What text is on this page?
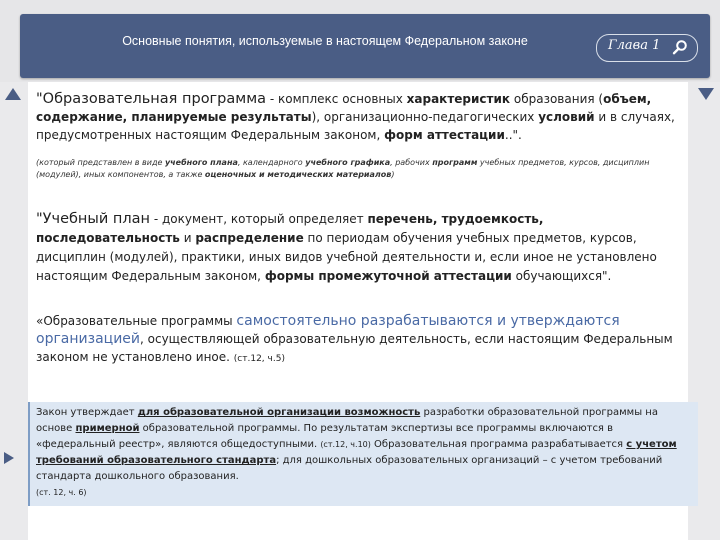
Основные понятия, используемые в настоящем Федеральном законе	Глава 1
"Образовательная программа - комплекс основных характеристик образования (объем,
содержание, планируемые результаты), организационно-педагогических условий и в случаях, предусмотренных настоящим Федеральным законом, форм аттестации..".
(который представлен в виде учебного плана, календарного учебного графика, рабочих программ учебных предметов, курсов, дисциплин (модулей), иных компонентов, а также оценочных и методических материалов)
"Учебный план - документ, который определяет перечень, трудоемкость,
последовательность и распределение по периодам обучения учебных предметов, курсов, дисциплин (модулей), практики, иных видов учебной деятельности и, если иное не установлено настоящим Федеральным законом, формы промежуточной аттестации обучающихся".
«Образовательные программы самостоятельно разрабатываются и утверждаются организацией, осуществляющей образовательную деятельность, если настоящим Федеральным законом не установлено иное. (ст.12, ч.5)
Закон утверждает для образовательной организации возможность разработки образовательной программы на основе примерной образовательной программы. По результатам экспертизы все программы включаются в «федеральный реестр», являются общедоступными. (ст.12, ч.10) Образовательная программа разрабатывается с учетом требований образовательного стандарта; для дошкольных образовательных организаций – с учетом требований стандарта дошкольного образования.
(ст. 12, ч. 6)
